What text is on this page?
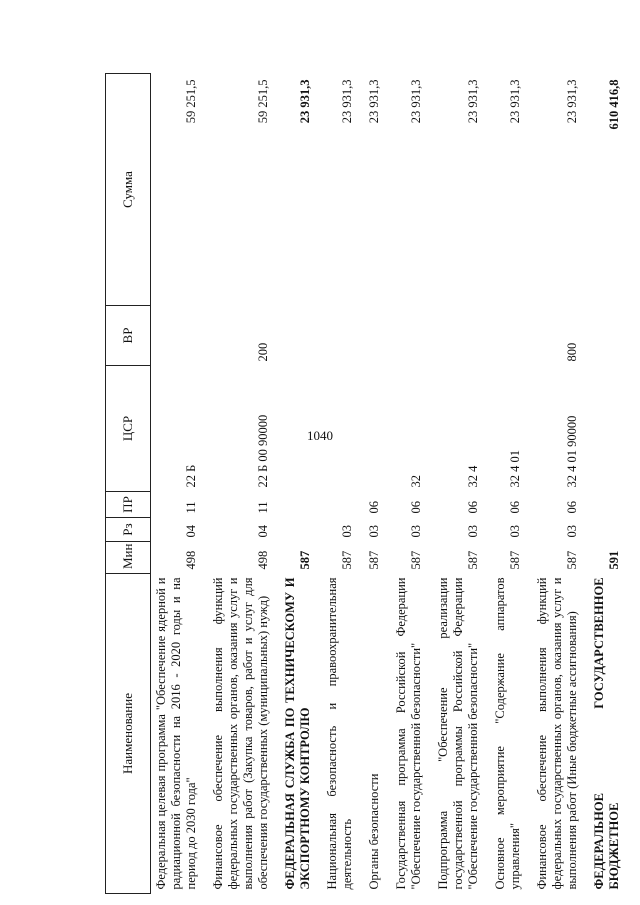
1040
Наименование	Мин	Рз	ПР	ЦСР	ВР	Сумма
Федеральная целевая программа "Обеспечение ядерной и радиационной безопасности на 2016 - 2020 годы и на период до 2030 года"	498	04	11	22 Б		59 251,5

Финансовое обеспечение выполнения функций федеральных государственных органов, оказания услуг и выполнения работ (Закупка товаров, работ и услуг для обеспечения государственных (муниципальных) нужд)	498	04	11	22 Б 00 90000	200	59 251,5

ФЕДЕРАЛЬНАЯ СЛУЖБА ПО ТЕХНИЧЕСКОМУ И ЭКСПОРТНОМУ КОНТРОЛЮ	587					23 931,3

Национальная безопасность и правоохранительная деятельность	587	03				23 931,3

Органы безопасности	587	03	06			23 931,3

Государственная программа Российской Федерации "Обеспечение государственной безопасности"	587	03	06	32		23 931,3

Подпрограмма "Обеспечение реализации государственной программы Российской Федерации "Обеспечение государственной безопасности"	587	03	06	32 4		23 931,3

Основное мероприятие "Содержание аппаратов управления"	587	03	06	32 4 01		23 931,3

Финансовое обеспечение выполнения функций федеральных государственных органов, оказания услуг и выполнения работ (Иные бюджетные ассигнования)	587	03	06	32 4 01 90000	800	23 931,3

ФЕДЕРАЛЬНОЕ ГОСУДАРСТВЕННОЕ БЮДЖЕТНОЕ	591					610 416,8
